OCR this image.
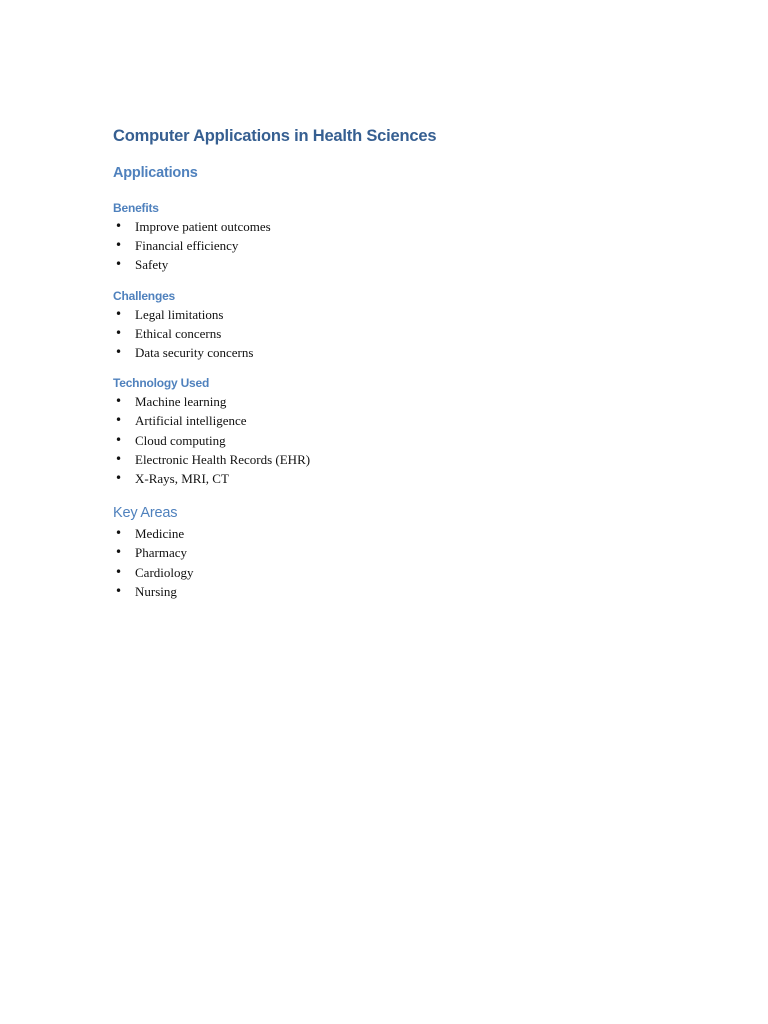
Computer Applications in Health Sciences
Applications
Benefits
• Improve patient outcomes
• Financial efficiency
• Safety
Challenges
• Legal limitations
• Ethical concerns
• Data security concerns
Technology Used
• Machine learning
• Artificial intelligence
• Cloud computing
• Electronic Health Records (EHR)
• X-Rays, MRI, CT
Key Areas
• Medicine
• Pharmacy
• Cardiology
• Nursing
